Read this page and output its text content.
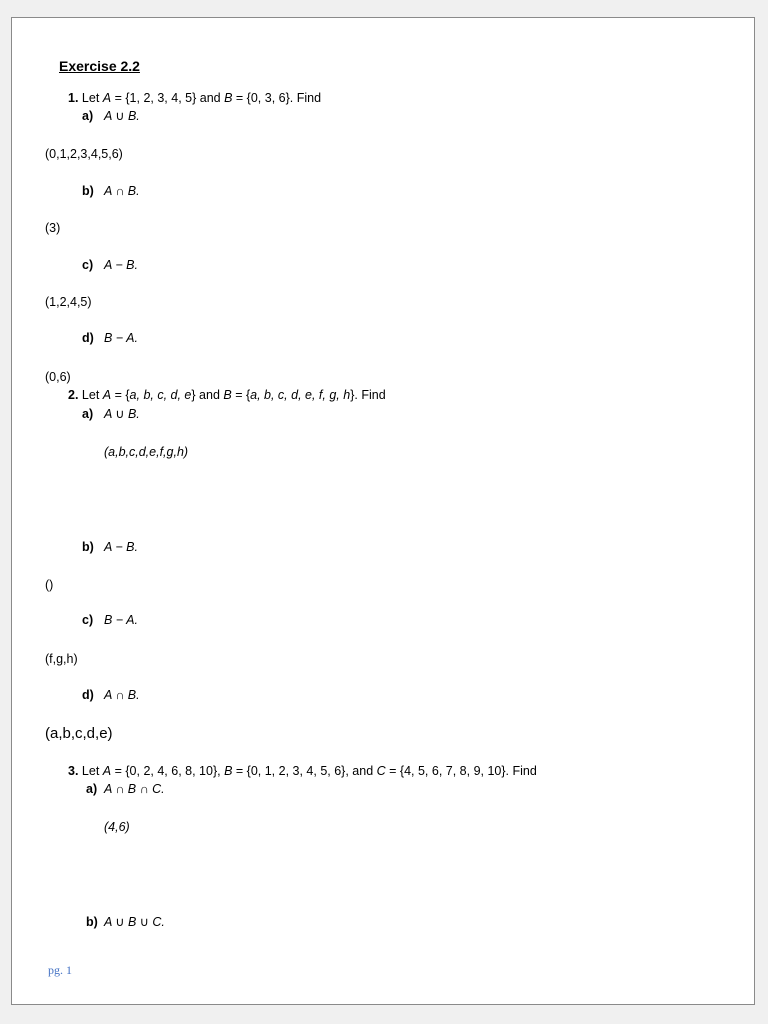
Exercise 2.2
1. Let A = {1, 2, 3, 4, 5} and B = {0, 3, 6}. Find
a) A ∪ B.
(0,1,2,3,4,5,6)
b) A ∩ B.
(3)
c) A − B.
(1,2,4,5)
d) B − A.
(0,6)
2. Let A = {a, b, c, d, e} and B = {a, b, c, d, e, f, g, h}. Find
a) A ∪ B.
(a,b,c,d,e,f,g,h)
b) A − B.
()
c) B − A.
(f,g,h)
d) A ∩ B.
(a,b,c,d,e)
3. Let A = {0, 2, 4, 6, 8, 10}, B = {0, 1, 2, 3, 4, 5, 6}, and C = {4, 5, 6, 7, 8, 9, 10}. Find
a) A ∩ B ∩ C.
(4,6)
b) A ∪ B ∪ C.
pg. 1
